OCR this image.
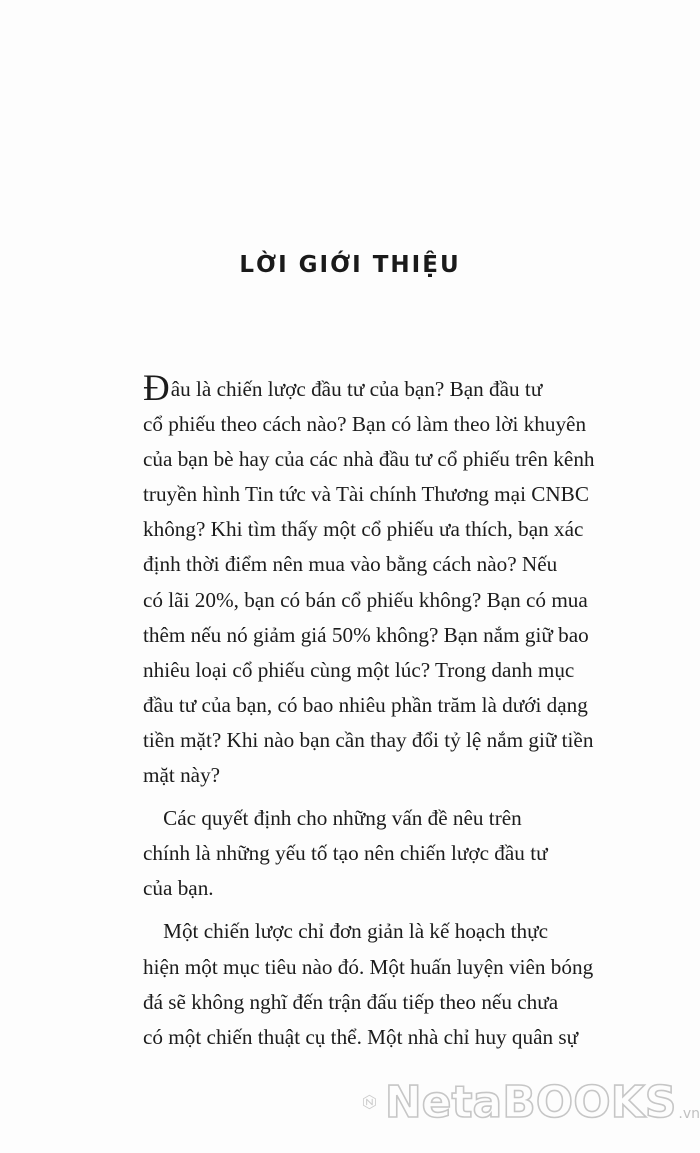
LỜI GIỚI THIỆU

Đâu là chiến lược đầu tư của bạn? Bạn đầu tư
cổ phiếu theo cách nào? Bạn có làm theo lời khuyên
của bạn bè hay của các nhà đầu tư cổ phiếu trên kênh
truyền hình Tin tức và Tài chính Thương mại CNBC
không? Khi tìm thấy một cổ phiếu ưa thích, bạn xác
định thời điểm nên mua vào bằng cách nào? Nếu
có lãi 20%, bạn có bán cổ phiếu không? Bạn có mua
thêm nếu nó giảm giá 50% không? Bạn nắm giữ bao
nhiêu loại cổ phiếu cùng một lúc? Trong danh mục
đầu tư của bạn, có bao nhiêu phần trăm là dưới dạng
tiền mặt? Khi nào bạn cần thay đổi tỷ lệ nắm giữ tiền
mặt này?

Các quyết định cho những vấn đề nêu trên
chính là những yếu tố tạo nên chiến lược đầu tư
của bạn.

Một chiến lược chỉ đơn giản là kế hoạch thực
hiện một mục tiêu nào đó. Một huấn luyện viên bóng
đá sẽ không nghĩ đến trận đấu tiếp theo nếu chưa
có một chiến thuật cụ thể. Một nhà chỉ huy quân sự

NetaBOOKS .vn
